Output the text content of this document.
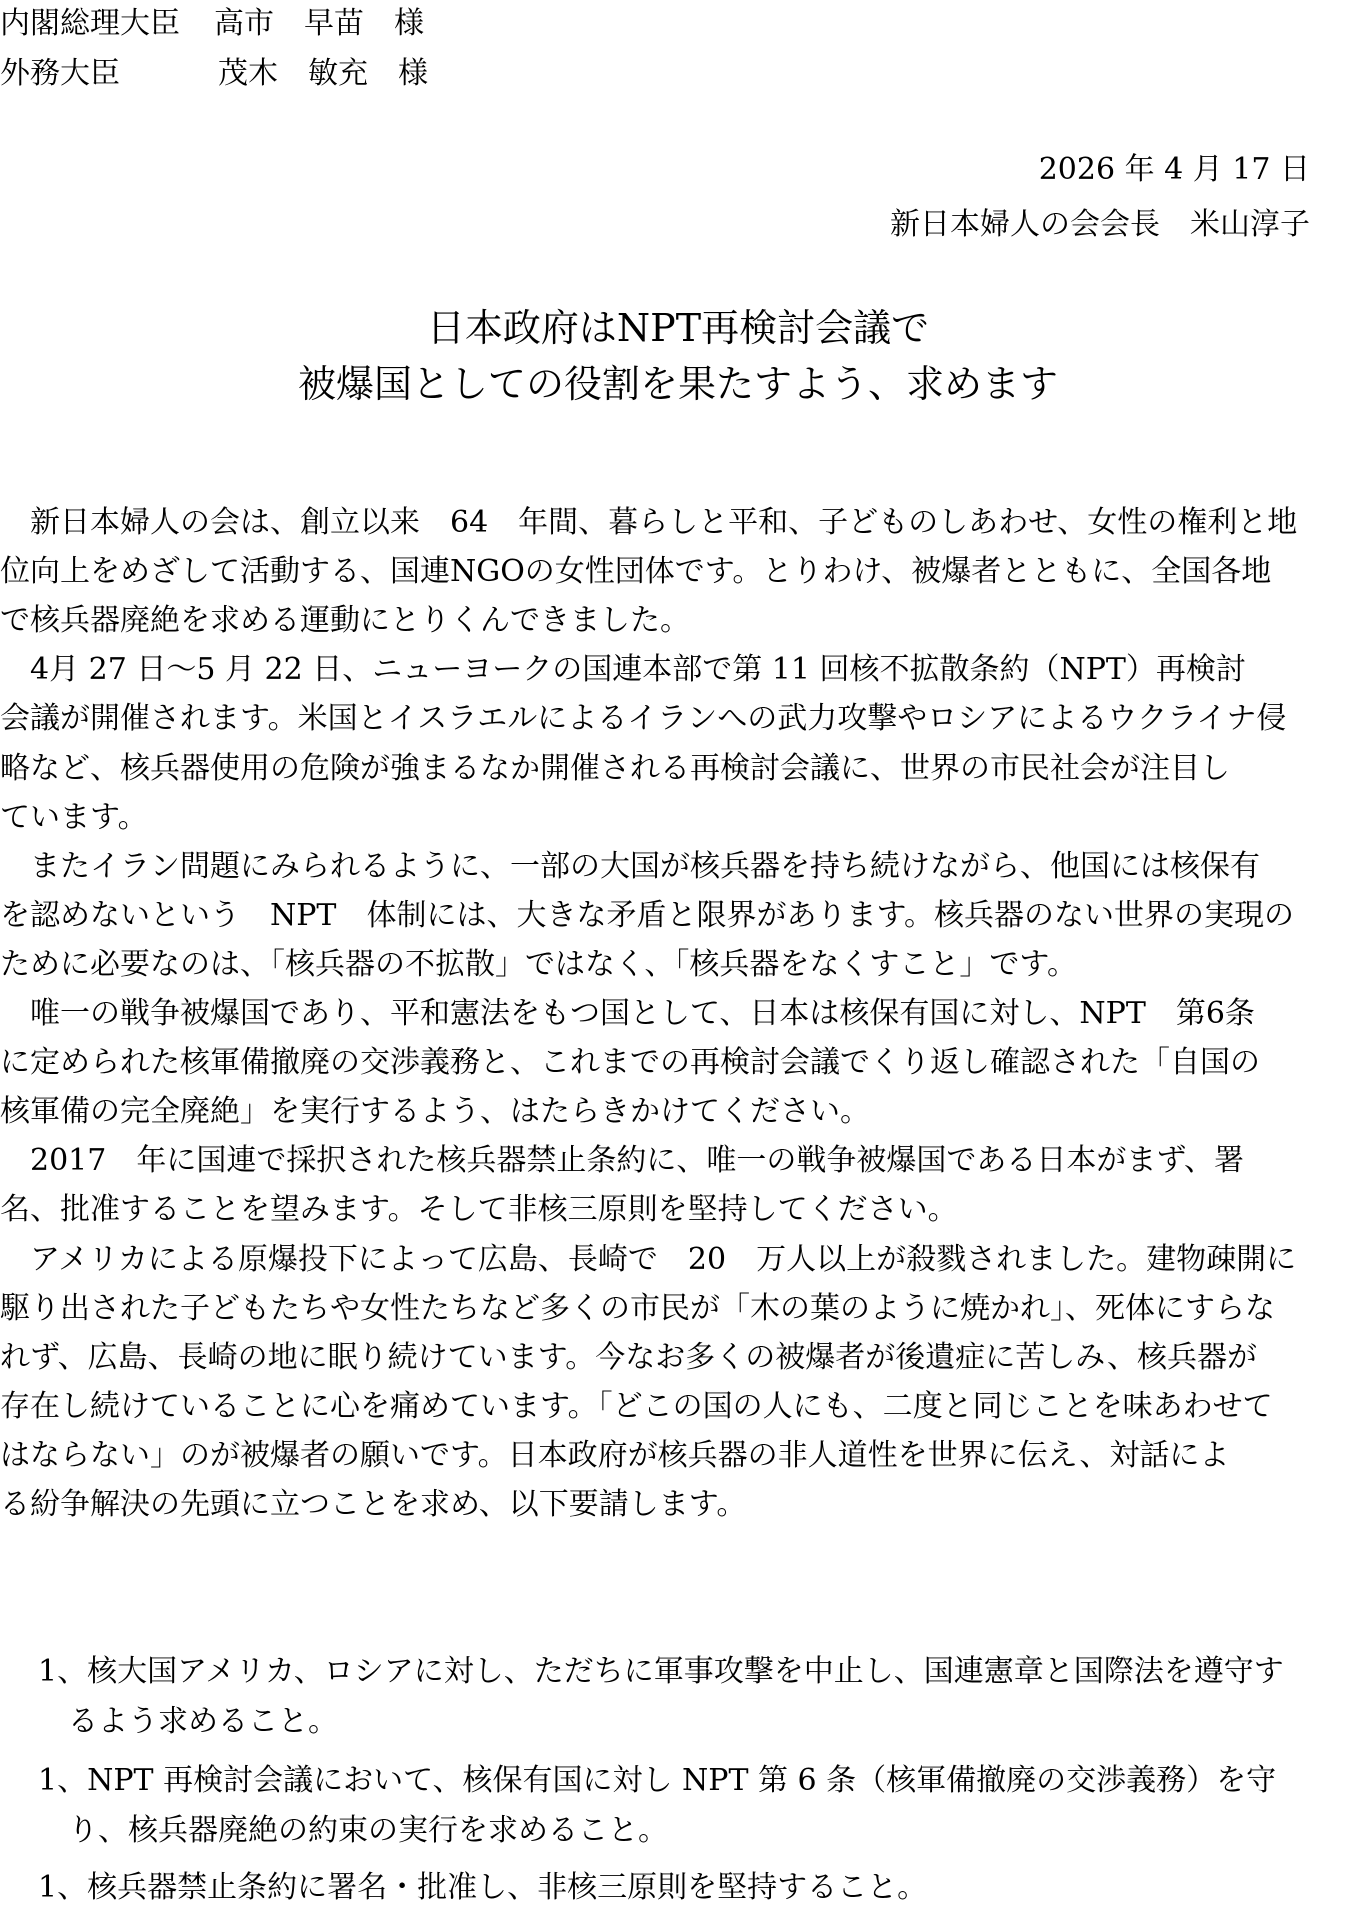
内閣総理大臣 高市　早苗　様
外務大臣	茂木　敏充　様
2026 年 4 月 17 日
新日本婦人の会会長　米山淳子
日本政府はNPT再検討会議で
被爆国としての役割を果たすよう、求めます
　新日本婦人の会は、創立以来　64　年間、暮らしと平和、子どものしあわせ、女性の権利と地
位向上をめざして活動する、国連NGOの女性団体です。とりわけ、被爆者とともに、全国各地
で核兵器廃絶を求める運動にとりくんできました。
　4月 27 日～5 月 22 日、ニューヨークの国連本部で第 11 回核不拡散条約（NPT）再検討
会議が開催されます。米国とイスラエルによるイランへの武力攻撃やロシアによるウクライナ侵
略など、核兵器使用の危険が強まるなか開催される再検討会議に、世界の市民社会が注目し
ています。
　またイラン問題にみられるように、一部の大国が核兵器を持ち続けながら、他国には核保有
を認めないという　NPT　体制には、大きな矛盾と限界があります。核兵器のない世界の実現の
ために必要なのは、「核兵器の不拡散」ではなく、「核兵器をなくすこと」です。
　唯一の戦争被爆国であり、平和憲法をもつ国として、日本は核保有国に対し、NPT　第6条
に定められた核軍備撤廃の交渉義務と、これまでの再検討会議でくり返し確認された「自国の
核軍備の完全廃絶」を実行するよう、はたらきかけてください。
　2017　年に国連で採択された核兵器禁止条約に、唯一の戦争被爆国である日本がまず、署
名、批准することを望みます。そして非核三原則を堅持してください。
　アメリカによる原爆投下によって広島、長崎で　20　万人以上が殺戮されました。建物疎開に
駆り出された子どもたちや女性たちなど多くの市民が「木の葉のように焼かれ」、死体にすらな
れず、広島、長崎の地に眠り続けています。今なお多くの被爆者が後遺症に苦しみ、核兵器が
存在し続けていることに心を痛めています。「どこの国の人にも、二度と同じことを味あわせて
はならない」のが被爆者の願いです。日本政府が核兵器の非人道性を世界に伝え、対話によ
る紛争解決の先頭に立つことを求め、以下要請します。
1、核大国アメリカ、ロシアに対し、ただちに軍事攻撃を中止し、国連憲章と国際法を遵守す
　るよう求めること。
1、NPT 再検討会議において、核保有国に対し NPT 第 6 条（核軍備撤廃の交渉義務）を守
　り、核兵器廃絶の約束の実行を求めること。
1、核兵器禁止条約に署名・批准し、非核三原則を堅持すること。
